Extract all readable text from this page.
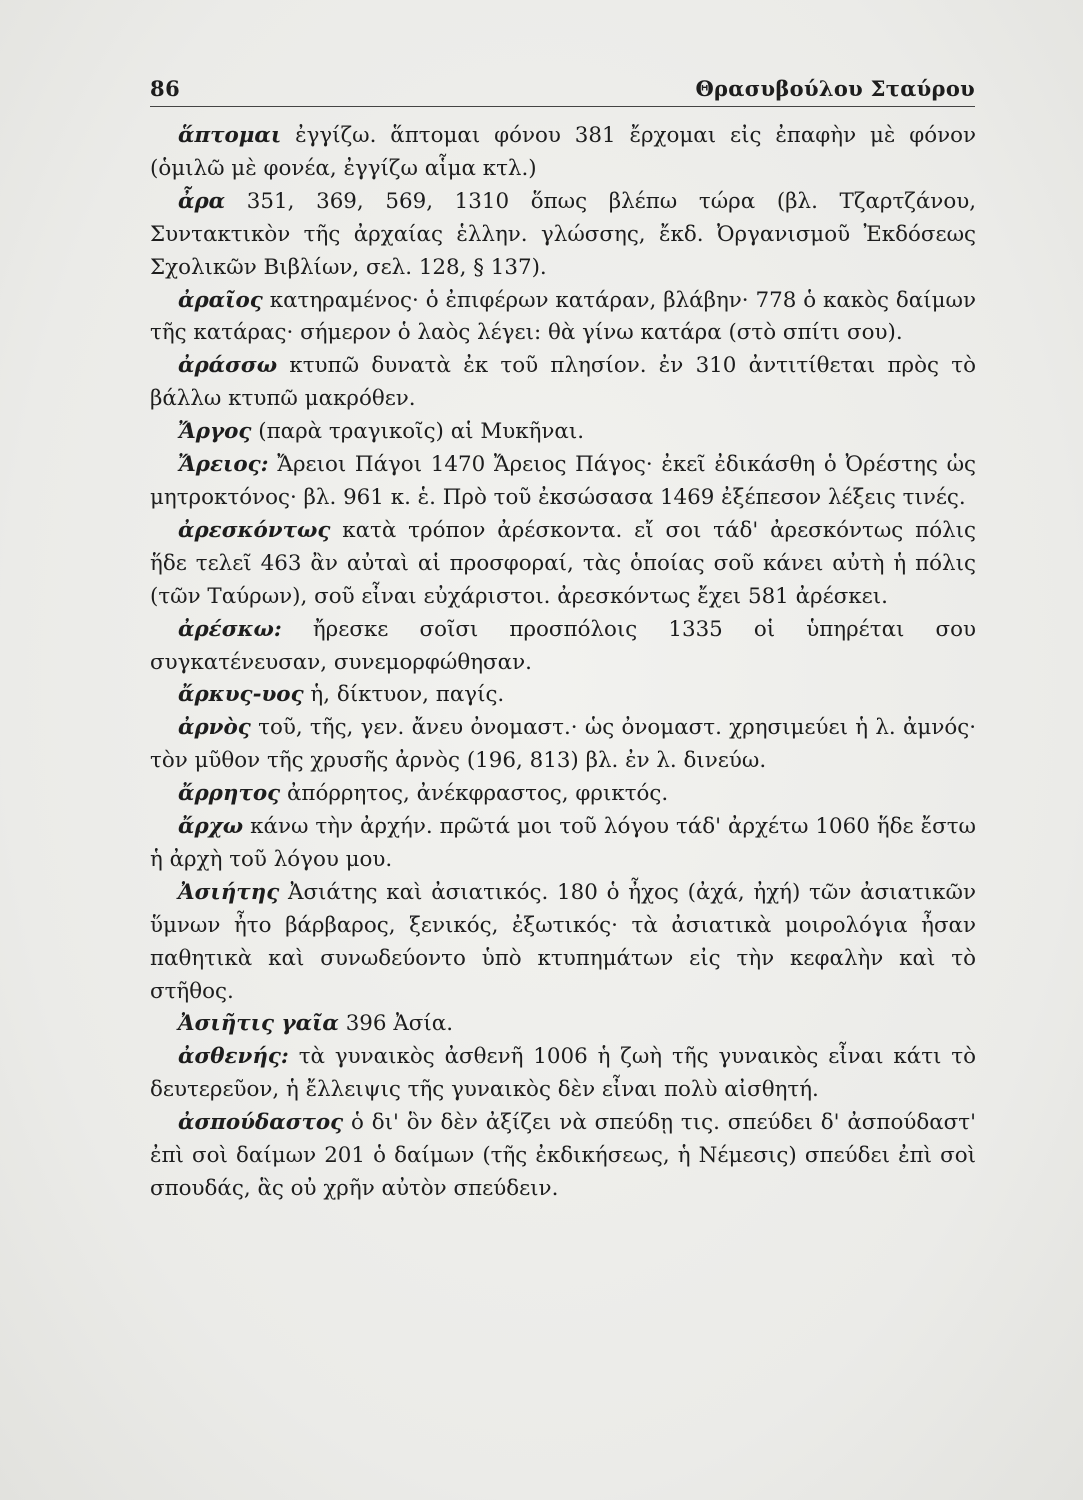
86	Θρασυβούλου Σταύρου

ἅπτομαι ἐγγίζω. ἅπτομαι φόνου 381 ἔρχομαι εἰς ἐπαφὴν μὲ φόνον (ὁμιλῶ μὲ φονέα, ἐγγίζω αἷμα κτλ.)

ἆρα 351, 369, 569, 1310 ὅπως βλέπω τώρα (βλ. Τζαρτζάνου, Συντακτικὸν τῆς ἀρχαίας ἑλλην. γλώσσης, ἔκδ. Ὀργανισμοῦ Ἐκδόσεως Σχολικῶν Βιβλίων, σελ. 128, § 137).

ἀραῖος κατηραμένος· ὁ ἐπιφέρων κατάραν, βλάβην· 778 ὁ κακὸς δαίμων τῆς κατάρας· σήμερον ὁ λαὸς λέγει: θὰ γίνω κατάρα (στὸ σπίτι σου).

ἀράσσω κτυπῶ δυνατὰ ἐκ τοῦ πλησίον. ἐν 310 ἀντιτίθεται πρὸς τὸ βάλλω κτυπῶ μακρόθεν.

Ἄργος (παρὰ τραγικοῖς) αἱ Μυκῆναι.

Ἄρειος: Ἄρειοι Πάγοι 1470 Ἄρειος Πάγος· ἐκεῖ ἐδικάσθη ὁ Ὀρέστης ὡς μητροκτόνος· βλ. 961 κ. ἑ. Πρὸ τοῦ ἐκσώσασα 1469 ἐξέπεσον λέξεις τινές.

ἀρεσκόντως κατὰ τρόπον ἀρέσκοντα. εἴ σοι τάδ' ἀρεσκόντως πόλις ἥδε τελεῖ 463 ἂν αὐταὶ αἱ προσφοραί, τὰς ὁποίας σοῦ κάνει αὐτὴ ἡ πόλις (τῶν Ταύρων), σοῦ εἶναι εὐχάριστοι. ἀρεσκόντως ἔχει 581 ἀρέσκει.

ἀρέσκω: ἤρεσκε σοῖσι προσπόλοις 1335 οἱ ὑπηρέται σου συγκατένευσαν, συνεμορφώθησαν.

ἄρκυς-υος ἡ, δίκτυον, παγίς.

ἀρνὸς τοῦ, τῆς, γεν. ἄνευ ὀνομαστ.· ὡς ὀνομαστ. χρησιμεύει ἡ λ. ἀμνός· τὸν μῦθον τῆς χρυσῆς ἀρνὸς (196, 813) βλ. ἐν λ. δινεύω.

ἄρρητος ἀπόρρητος, ἀνέκφραστος, φρικτός.

ἄρχω κάνω τὴν ἀρχήν. πρῶτά μοι τοῦ λόγου τάδ' ἀρχέτω 1060 ἥδε ἔστω ἡ ἀρχὴ τοῦ λόγου μου.

Ἀσιήτης Ἀσιάτης καὶ ἀσιατικός. 180 ὁ ἦχος (ἀχά, ἠχή) τῶν ἀσιατικῶν ὕμνων ἦτο βάρβαρος, ξενικός, ἐξωτικός· τὰ ἀσιατικὰ μοιρολόγια ἦσαν παθητικὰ καὶ συνωδεύοντο ὑπὸ κτυπημάτων εἰς τὴν κεφαλὴν καὶ τὸ στῆθος.

Ἀσιῆτις γαῖα 396 Ἀσία.

ἀσθενής: τὰ γυναικὸς ἀσθενῆ 1006 ἡ ζωὴ τῆς γυναικὸς εἶναι κάτι τὸ δευτερεῦον, ἡ ἔλλειψις τῆς γυναικὸς δὲν εἶναι πολὺ αἰσθητή.

ἀσπούδαστος ὁ δι' ὃν δὲν ἀξίζει νὰ σπεύδῃ τις. σπεύδει δ' ἀσπούδαστ' ἐπὶ σοὶ δαίμων 201 ὁ δαίμων (τῆς ἐκδικήσεως, ἡ Νέμεσις) σπεύδει ἐπὶ σοὶ σπουδάς, ἃς οὐ χρῆν αὐτὸν σπεύδειν.
